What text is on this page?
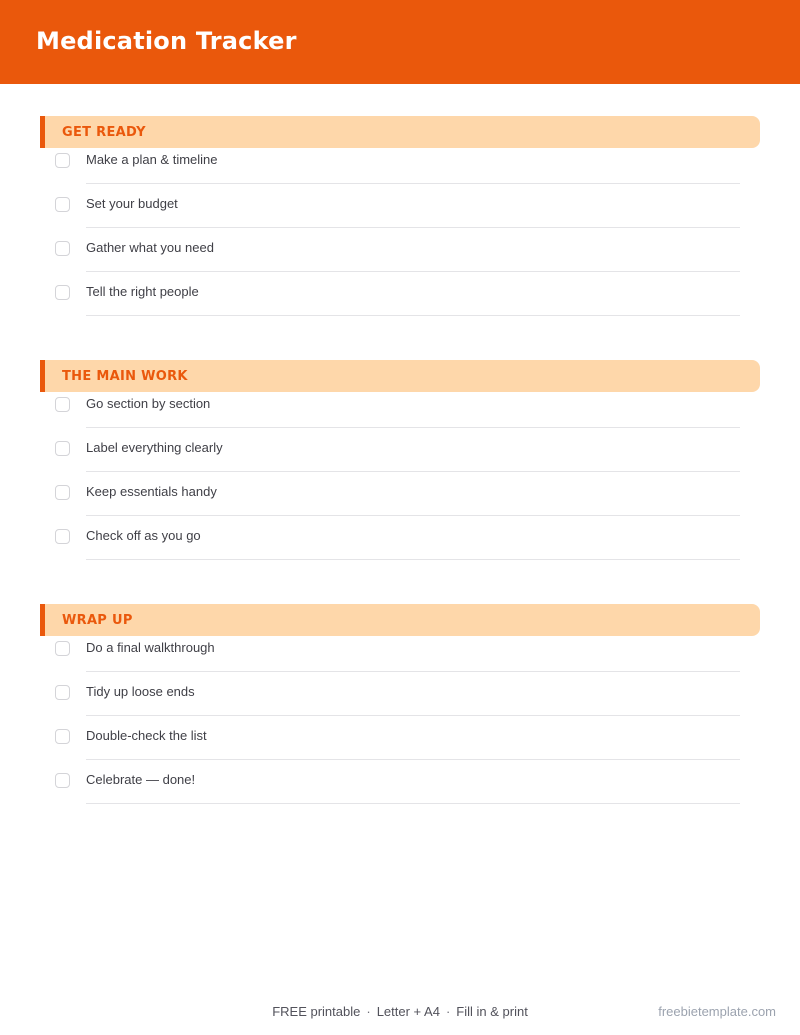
Medication Tracker
GET READY
Make a plan & timeline
Set your budget
Gather what you need
Tell the right people
THE MAIN WORK
Go section by section
Label everything clearly
Keep essentials handy
Check off as you go
WRAP UP
Do a final walkthrough
Tidy up loose ends
Double-check the list
Celebrate — done!
FREE printable · Letter + A4 · Fill in & print	freebietemplate.com
